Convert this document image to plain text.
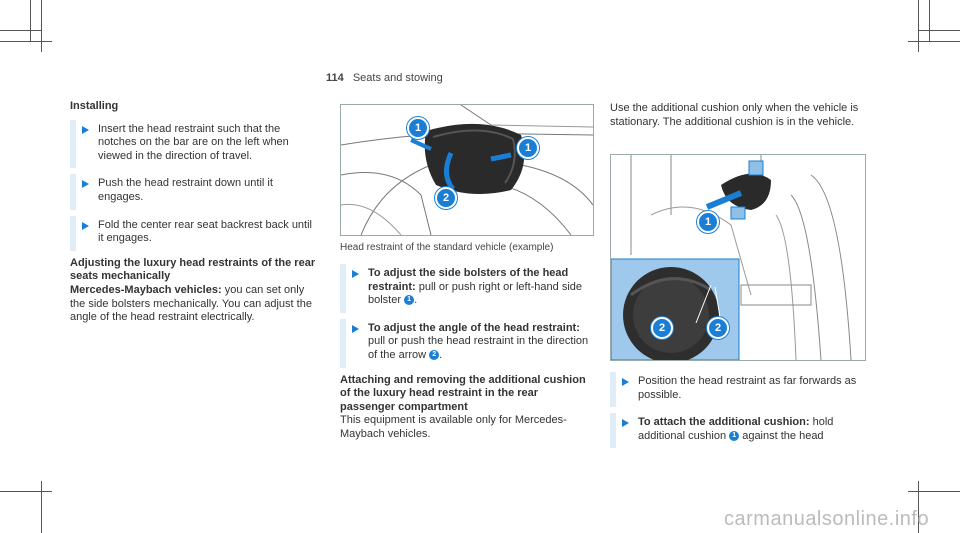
114 Seats and stowing
Installing
Insert the head restraint such that the notches on the bar are on the left when viewed in the direction of travel.
Push the head restraint down until it engages.
Fold the center rear seat backrest back until it engages.
Adjusting the luxury head restraints of the rear seats mechanically
Mercedes-Maybach vehicles: you can set only the side bolsters mechanically. You can adjust the angle of the head restraint electrically.
1
1
2
Head restraint of the standard vehicle (example)
To adjust the side bolsters of the head restraint: pull or push right or left-hand side bolster 1 .
To adjust the angle of the head restraint: pull or push the head restraint in the direction of the arrow 2 .
Attaching and removing the additional cushion of the luxury head restraint in the rear passenger compartment
This equipment is available only for Mercedes-Maybach vehicles.
Use the additional cushion only when the vehicle is stationary. The additional cushion is in the vehicle.
1
2	2
Position the head restraint as far forwards as possible.
To attach the additional cushion: hold additional cushion 1 against the head
carmanualsonline.info
